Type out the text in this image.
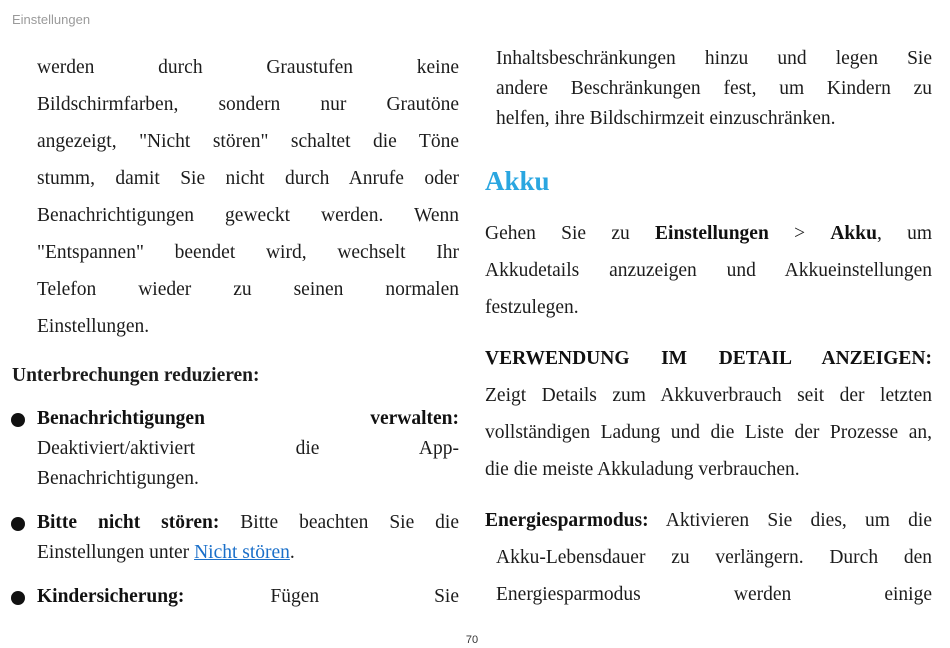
Einstellungen
werden durch Graustufen keine
Bildschirmfarben, sondern nur Grautöne
angezeigt, "Nicht stören" schaltet die Töne
stumm, damit Sie nicht durch Anrufe oder
Benachrichtigungen geweckt werden. Wenn
"Entspannen" beendet wird, wechselt Ihr
Telefon wieder zu seinen normalen
Einstellungen.
Unterbrechungen reduzieren:
Benachrichtigungen verwalten:
Deaktiviert/aktiviert die App-
Benachrichtigungen.
Bitte nicht stören: Bitte beachten Sie die Einstellungen unter Nicht stören.
Kindersicherung:	Fügen Sie
Inhaltsbeschränkungen hinzu und legen Sie
andere Beschränkungen fest, um Kindern zu
helfen, ihre Bildschirmzeit einzuschränken.
Akku
Gehen Sie zu Einstellungen > Akku, um
Akkudetails anzuzeigen und Akkueinstellungen
festzulegen.
VERWENDUNG IM DETAIL ANZEIGEN:
Zeigt Details zum Akkuverbrauch seit der letzten
vollständigen Ladung und die Liste der Prozesse an,
die die meiste Akkuladung verbrauchen.
Energiesparmodus: Aktivieren Sie dies, um die
Akku-Lebensdauer zu verlängern. Durch den
Energiesparmodus werden einige
70
